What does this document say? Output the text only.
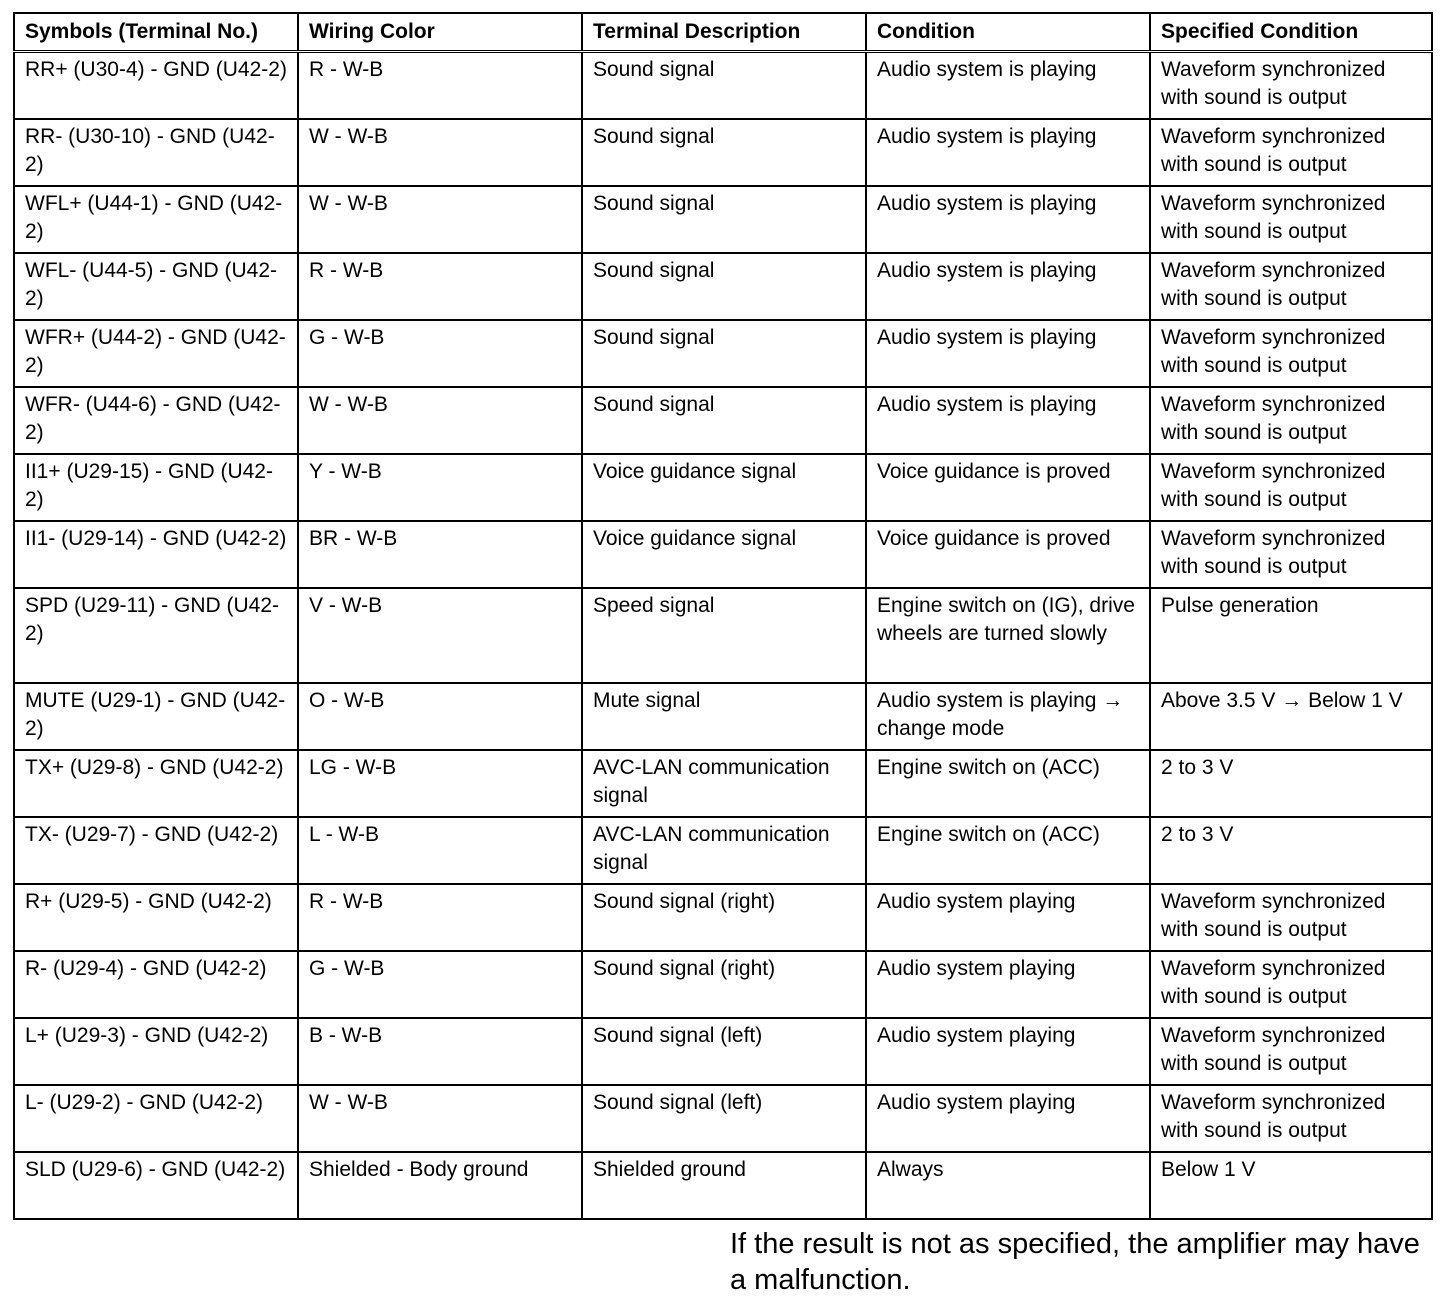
Symbols (Terminal No.)	Wiring Color	Terminal Description	Condition	Specified Condition
RR+ (U30-4) - GND (U42-2)	R - W-B	Sound signal	Audio system is playing	Waveform synchronized with sound is output
RR- (U30-10) - GND (U42-2)	W - W-B	Sound signal	Audio system is playing	Waveform synchronized with sound is output
WFL+ (U44-1) - GND (U42-2)	W - W-B	Sound signal	Audio system is playing	Waveform synchronized with sound is output
WFL- (U44-5) - GND (U42-2)	R - W-B	Sound signal	Audio system is playing	Waveform synchronized with sound is output
WFR+ (U44-2) - GND (U42-2)	G - W-B	Sound signal	Audio system is playing	Waveform synchronized with sound is output
WFR- (U44-6) - GND (U42-2)	W - W-B	Sound signal	Audio system is playing	Waveform synchronized with sound is output
II1+ (U29-15) - GND (U42-2)	Y - W-B	Voice guidance signal	Voice guidance is proved	Waveform synchronized with sound is output
II1- (U29-14) - GND (U42-2)	BR - W-B	Voice guidance signal	Voice guidance is proved	Waveform synchronized with sound is output
SPD (U29-11) - GND (U42-2)	V - W-B	Speed signal	Engine switch on (IG), drive wheels are turned slowly	Pulse generation
MUTE (U29-1) - GND (U42-2)	O - W-B	Mute signal	Audio system is playing → change mode	Above 3.5 V → Below 1 V
TX+ (U29-8) - GND (U42-2)	LG - W-B	AVC-LAN communication signal	Engine switch on (ACC)	2 to 3 V
TX- (U29-7) - GND (U42-2)	L - W-B	AVC-LAN communication signal	Engine switch on (ACC)	2 to 3 V
R+ (U29-5) - GND (U42-2)	R - W-B	Sound signal (right)	Audio system playing	Waveform synchronized with sound is output
R- (U29-4) - GND (U42-2)	G - W-B	Sound signal (right)	Audio system playing	Waveform synchronized with sound is output
L+ (U29-3) - GND (U42-2)	B - W-B	Sound signal (left)	Audio system playing	Waveform synchronized with sound is output
L- (U29-2) - GND (U42-2)	W - W-B	Sound signal (left)	Audio system playing	Waveform synchronized with sound is output
SLD (U29-6) - GND (U42-2)	Shielded - Body ground	Shielded ground	Always	Below 1 V
If the result is not as specified, the amplifier may have a malfunction.
